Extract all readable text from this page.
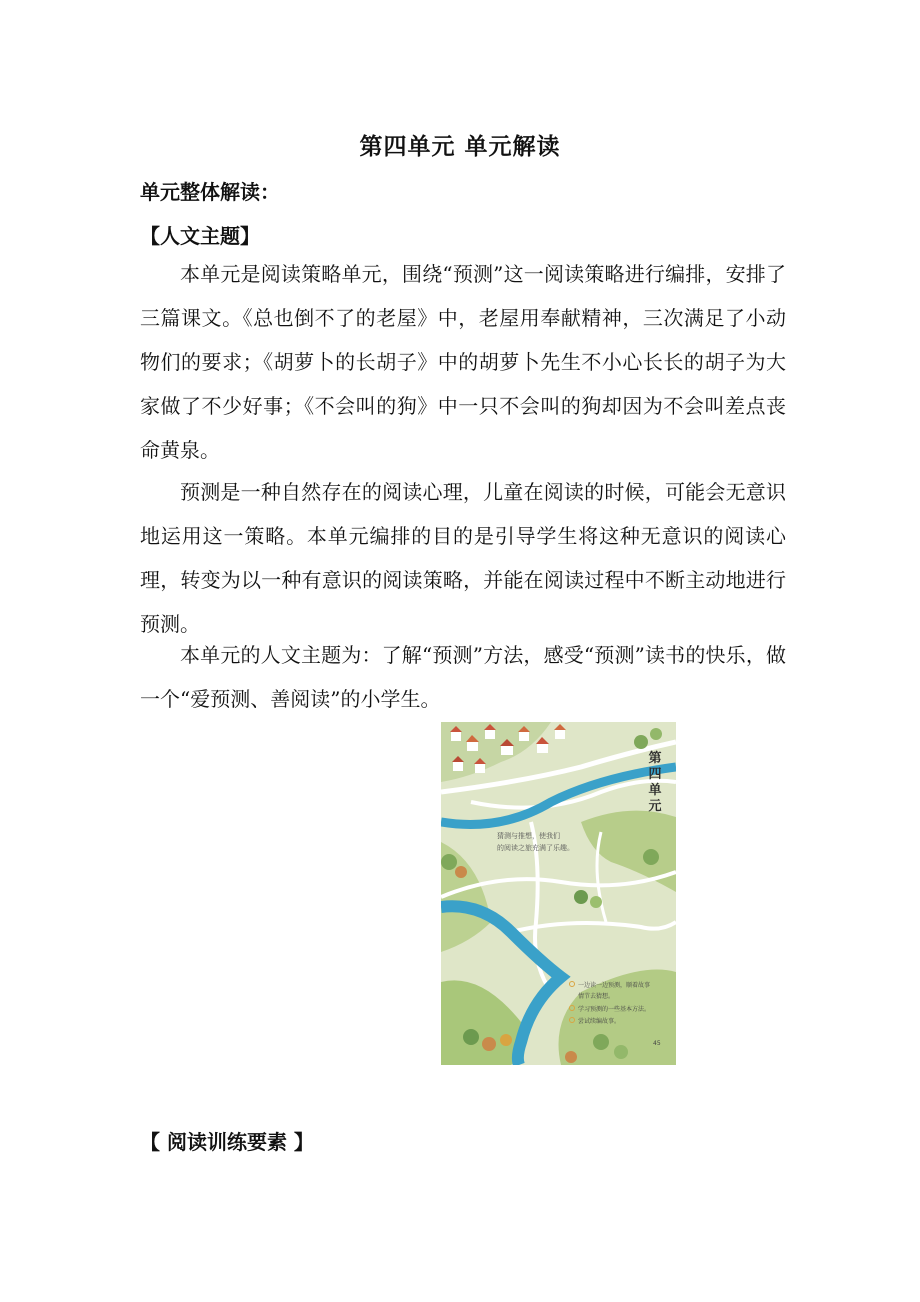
第四单元 单元解读
单元整体解读：
【人文主题】

本单元是阅读策略单元，围绕“预测”这一阅读策略进行编排，安排了三篇课文。《总也倒不了的老屋》中，老屋用奉献精神，三次满足了小动物们的要求；《胡萝卜的长胡子》中的胡萝卜先生不小心长长的胡子为大家做了不少好事；《不会叫的狗》中一只不会叫的狗却因为不会叫差点丧命黄泉。

预测是一种自然存在的阅读心理，儿童在阅读的时候，可能会无意识地运用这一策略。本单元编排的目的是引导学生将这种无意识的阅读心理，转变为以一种有意识的阅读策略，并能在阅读过程中不断主动地进行预测。

本单元的人文主题为：了解“预测”方法，感受“预测”读书的快乐，做一个“爱预测、善阅读”的小学生。

第
四
单
元
猜测与推想，使我们
的阅读之旅充满了乐趣。
一边读一边预测，顺着故事
情节去猜想。
学习预测的一些基本方法。
尝试续编故事。
45
【 阅读训练要素 】
